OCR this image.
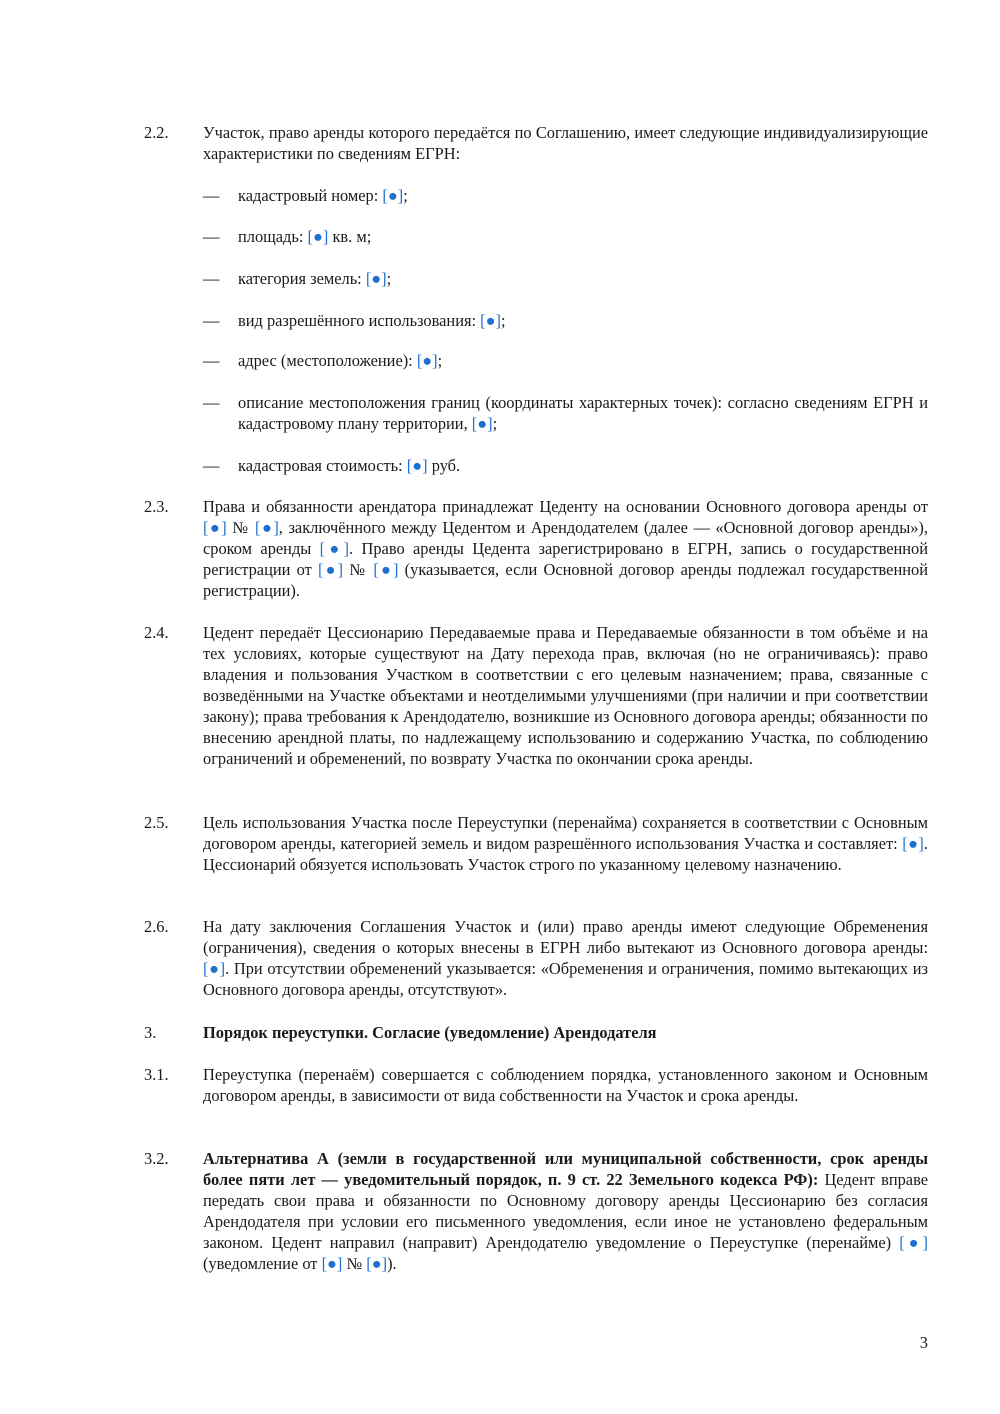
2.2.	Участок, право аренды которого передаётся по Соглашению, имеет следующие индивидуализирующие характеристики по сведениям ЕГРН:
— кадастровый номер: [●];
— площадь: [●] кв. м;
— категория земель: [●];
— вид разрешённого использования: [●];
— адрес (местоположение): [●];
— описание местоположения границ (координаты характерных точек): согласно сведениям ЕГРН и кадастровому плану территории, [●];
— кадастровая стоимость: [●] руб.
2.3.	Права и обязанности арендатора принадлежат Цеденту на основании Основного договора аренды от [●] № [●], заключённого между Цедентом и Арендодателем (далее — «Основной договор аренды»), сроком аренды [●]. Право аренды Цедента зарегистрировано в ЕГРН, запись о государственной регистрации от [●] № [●] (указывается, если Основной договор аренды подлежал государственной регистрации).
2.4.	Цедент передаёт Цессионарию Передаваемые права и Передаваемые обязанности в том объёме и на тех условиях, которые существуют на Дату перехода прав, включая (но не ограничиваясь): право владения и пользования Участком в соответствии с его целевым назначением; права, связанные с возведёнными на Участке объектами и неотделимыми улучшениями (при наличии и при соответствии закону); права требования к Арендодателю, возникшие из Основного договора аренды; обязанности по внесению арендной платы, по надлежащему использованию и содержанию Участка, по соблюдению ограничений и обременений, по возврату Участка по окончании срока аренды.
2.5.	Цель использования Участка после Переуступки (перенайма) сохраняется в соответствии с Основным договором аренды, категорией земель и видом разрешённого использования Участка и составляет: [●]. Цессионарий обязуется использовать Участок строго по указанному целевому назначению.
2.6.	На дату заключения Соглашения Участок и (или) право аренды имеют следующие Обременения (ограничения), сведения о которых внесены в ЕГРН либо вытекают из Основного договора аренды: [●]. При отсутствии обременений указывается: «Обременения и ограничения, помимо вытекающих из Основного договора аренды, отсутствуют».
3.	Порядок переуступки. Согласие (уведомление) Арендодателя
3.1.	Переуступка (перенаём) совершается с соблюдением порядка, установленного законом и Основным договором аренды, в зависимости от вида собственности на Участок и срока аренды.
3.2.	Альтернатива А (земли в государственной или муниципальной собственности, срок аренды более пяти лет — уведомительный порядок, п. 9 ст. 22 Земельного кодекса РФ): Цедент вправе передать свои права и обязанности по Основному договору аренды Цессионарию без согласия Арендодателя при условии его письменного уведомления, если иное не установлено федеральным законом. Цедент направил (направит) Арендодателю уведомление о Переуступке (перенайме) [●] (уведомление от [●] № [●]).
3
